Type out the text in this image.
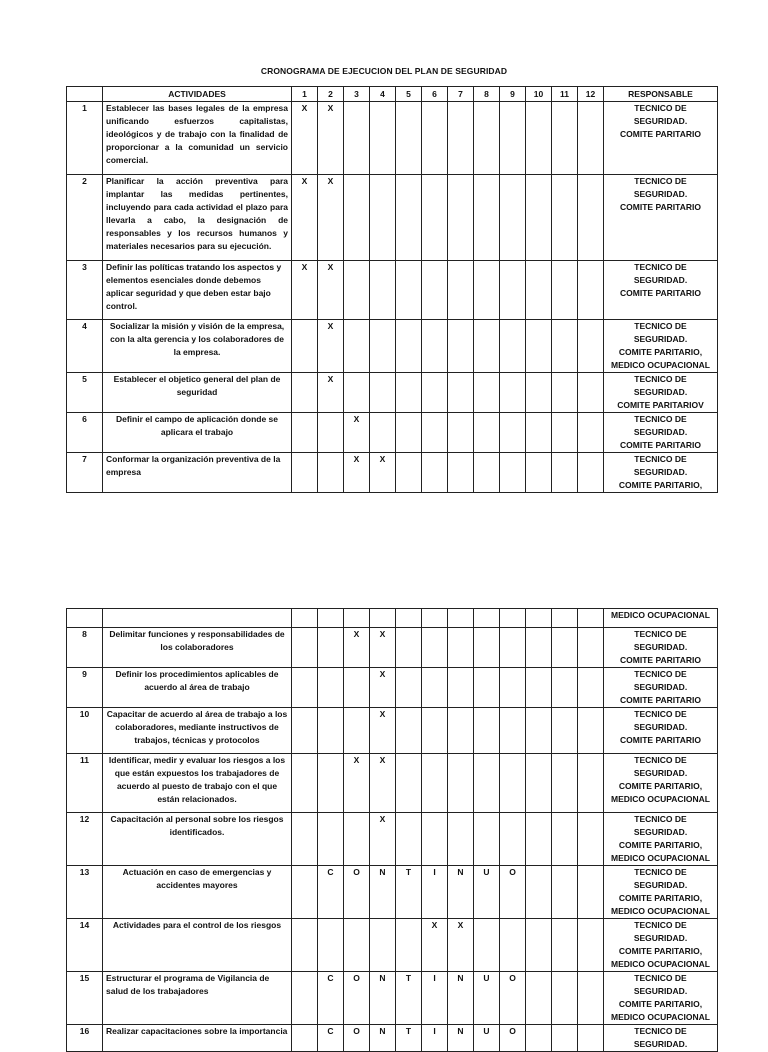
CRONOGRAMA DE EJECUCION DEL PLAN DE SEGURIDAD
	ACTIVIDADES	1	2	3	4	5	6	7	8	9	10	11	12	RESPONSABLE
1	Establecer las bases legales de la empresa unificando esfuerzos capitalistas, ideológicos y de trabajo con la finalidad de proporcionar a la comunidad un servicio comercial.	X	X											TECNICO DE SEGURIDAD.
COMITE PARITARIO

2	Planificar la acción preventiva para implantar las medidas pertinentes, incluyendo para cada actividad el plazo para llevarla a cabo, la designación de responsables y los recursos humanos y materiales necesarios para su ejecución.	X	X											TECNICO DE SEGURIDAD.
COMITE PARITARIO

3	Definir las políticas tratando los aspectos y elementos esenciales donde debemos aplicar seguridad y que deben estar bajo control.	X	X											TECNICO DE SEGURIDAD.
COMITE PARITARIO

4	Socializar la misión y visión de la empresa, con la alta gerencia y los colaboradores de la empresa.		X											TECNICO DE SEGURIDAD.
COMITE PARITARIO,
MEDICO OCUPACIONAL

5	Establecer el objetico general del plan de seguridad		X											TECNICO DE SEGURIDAD.
COMITE PARITARIOV

6	Definir el campo de aplicación donde se aplicara el trabajo			X										TECNICO DE SEGURIDAD.
COMITE PARITARIO

7	Conformar la organización preventiva de la empresa			X	X									TECNICO DE SEGURIDAD.
COMITE PARITARIO,

														MEDICO OCUPACIONAL

8	Delimitar funciones y responsabilidades de los colaboradores			X	X									TECNICO DE SEGURIDAD.
COMITE PARITARIO

9	Definir los procedimientos aplicables de acuerdo al área de trabajo				X									TECNICO DE SEGURIDAD.
COMITE PARITARIO

10	Capacitar de acuerdo al área de trabajo a los colaboradores, mediante instructivos de trabajos, técnicas y protocolos				X									TECNICO DE SEGURIDAD.
COMITE PARITARIO

11	Identificar, medir y evaluar los riesgos a los que están expuestos los trabajadores de acuerdo al puesto de trabajo con el que están relacionados.			X	X									TECNICO DE SEGURIDAD.
COMITE PARITARIO,
MEDICO OCUPACIONAL

12	Capacitación al personal sobre los riesgos identificados.				X									TECNICO DE SEGURIDAD.
COMITE PARITARIO,
MEDICO OCUPACIONAL

13	Actuación en caso de emergencias y accidentes mayores		C	O	N	T	I	N	U	O				TECNICO DE SEGURIDAD.
COMITE PARITARIO,
MEDICO OCUPACIONAL

14	Actividades para el control de los riesgos						X	X						TECNICO DE SEGURIDAD.
COMITE PARITARIO,
MEDICO OCUPACIONAL

15	Estructurar el programa de Vigilancia de salud de los trabajadores		C	O	N	T	I	N	U	O				TECNICO DE SEGURIDAD.
COMITE PARITARIO,
MEDICO OCUPACIONAL

16	Realizar capacitaciones sobre la importancia		C	O	N	T	I	N	U	O				TECNICO DE SEGURIDAD.
